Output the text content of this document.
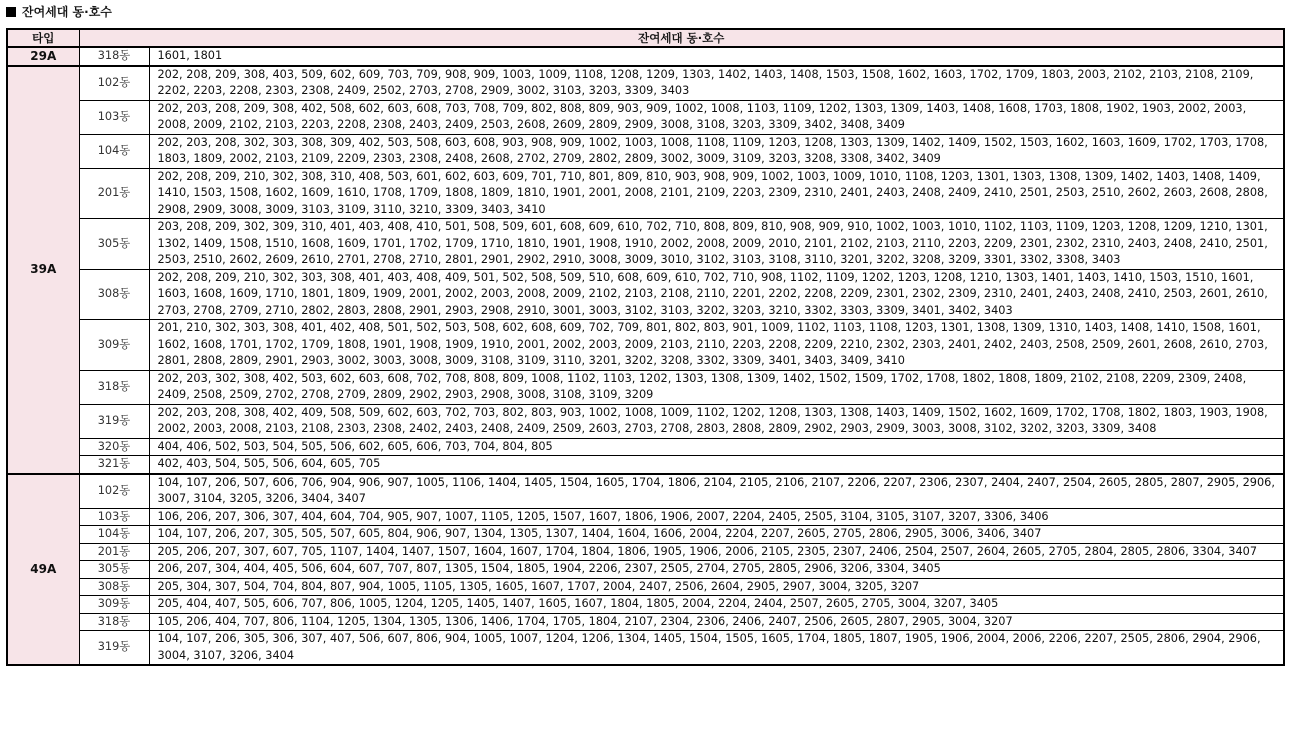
잔여세대 동·호수
타입	잔여세대 동·호수	
29A	318동	1601, 1801
39A	102동	202, 208, 209, 308, 403, 509, 602, 609, 703, 709, 908, 909, 1003, 1009, 1108, 1208, 1209, 1303, 1402, 1403, 1408, 1503, 1508, 1602, 1603, 1702, 1709, 1803, 2003, 2102, 2103, 2108, 2109, 2202, 2203, 2208, 2303, 2308, 2409, 2502, 2703, 2708, 2909, 3002, 3103, 3203, 3309, 3403
	103동	202, 203, 208, 209, 308, 402, 508, 602, 603, 608, 703, 708, 709, 802, 808, 809, 903, 909, 1002, 1008, 1103, 1109, 1202, 1303, 1309, 1403, 1408, 1608, 1703, 1808, 1902, 1903, 2002, 2003, 2008, 2009, 2102, 2103, 2203, 2208, 2308, 2403, 2409, 2503, 2608, 2609, 2809, 2909, 3008, 3108, 3203, 3309, 3402, 3408, 3409
	104동	202, 203, 208, 302, 303, 308, 309, 402, 503, 508, 603, 608, 903, 908, 909, 1002, 1003, 1008, 1108, 1109, 1203, 1208, 1303, 1309, 1402, 1409, 1502, 1503, 1602, 1603, 1609, 1702, 1703, 1708, 1803, 1809, 2002, 2103, 2109, 2209, 2303, 2308, 2408, 2608, 2702, 2709, 2802, 2809, 3002, 3009, 3109, 3203, 3208, 3308, 3402, 3409
	201동	202, 208, 209, 210, 302, 308, 310, 408, 503, 601, 602, 603, 609, 701, 710, 801, 809, 810, 903, 908, 909, 1002, 1003, 1009, 1010, 1108, 1203, 1301, 1303, 1308, 1309, 1402, 1403, 1408, 1409, 1410, 1503, 1508, 1602, 1609, 1610, 1708, 1709, 1808, 1809, 1810, 1901, 2001, 2008, 2101, 2109, 2203, 2309, 2310, 2401, 2403, 2408, 2409, 2410, 2501, 2503, 2510, 2602, 2603, 2608, 2808, 2908, 2909, 3008, 3009, 3103, 3109, 3110, 3210, 3309, 3403, 3410
	305동	203, 208, 209, 302, 309, 310, 401, 403, 408, 410, 501, 508, 509, 601, 608, 609, 610, 702, 710, 808, 809, 810, 908, 909, 910, 1002, 1003, 1010, 1102, 1103, 1109, 1203, 1208, 1209, 1210, 1301, 1302, 1409, 1508, 1510, 1608, 1609, 1701, 1702, 1709, 1710, 1810, 1901, 1908, 1910, 2002, 2008, 2009, 2010, 2101, 2102, 2103, 2110, 2203, 2209, 2301, 2302, 2310, 2403, 2408, 2410, 2501, 2503, 2510, 2602, 2609, 2610, 2701, 2708, 2710, 2801, 2901, 2902, 2910, 3008, 3009, 3010, 3102, 3103, 3108, 3110, 3201, 3202, 3208, 3209, 3301, 3302, 3308, 3403
	308동	202, 208, 209, 210, 302, 303, 308, 401, 403, 408, 409, 501, 502, 508, 509, 510, 608, 609, 610, 702, 710, 908, 1102, 1109, 1202, 1203, 1208, 1210, 1303, 1401, 1403, 1410, 1503, 1510, 1601, 1603, 1608, 1609, 1710, 1801, 1809, 1909, 2001, 2002, 2003, 2008, 2009, 2102, 2103, 2108, 2110, 2201, 2202, 2208, 2209, 2301, 2302, 2309, 2310, 2401, 2403, 2408, 2410, 2503, 2601, 2610, 2703, 2708, 2709, 2710, 2802, 2803, 2808, 2901, 2903, 2908, 2910, 3001, 3003, 3102, 3103, 3202, 3203, 3210, 3302, 3303, 3309, 3401, 3402, 3403
	309동	201, 210, 302, 303, 308, 401, 402, 408, 501, 502, 503, 508, 602, 608, 609, 702, 709, 801, 802, 803, 901, 1009, 1102, 1103, 1108, 1203, 1301, 1308, 1309, 1310, 1403, 1408, 1410, 1508, 1601, 1602, 1608, 1701, 1702, 1709, 1808, 1901, 1908, 1909, 1910, 2001, 2002, 2003, 2009, 2103, 2110, 2203, 2208, 2209, 2210, 2302, 2303, 2401, 2402, 2403, 2508, 2509, 2601, 2608, 2610, 2703, 2801, 2808, 2809, 2901, 2903, 3002, 3003, 3008, 3009, 3108, 3109, 3110, 3201, 3202, 3208, 3302, 3309, 3401, 3403, 3409, 3410
	318동	202, 203, 302, 308, 402, 503, 602, 603, 608, 702, 708, 808, 809, 1008, 1102, 1103, 1202, 1303, 1308, 1309, 1402, 1502, 1509, 1702, 1708, 1802, 1808, 1809, 2102, 2108, 2209, 2309, 2408, 2409, 2508, 2509, 2702, 2708, 2709, 2809, 2902, 2903, 2908, 3008, 3108, 3109, 3209
	319동	202, 203, 208, 308, 402, 409, 508, 509, 602, 603, 702, 703, 802, 803, 903, 1002, 1008, 1009, 1102, 1202, 1208, 1303, 1308, 1403, 1409, 1502, 1602, 1609, 1702, 1708, 1802, 1803, 1903, 1908, 2002, 2003, 2008, 2103, 2108, 2303, 2308, 2402, 2403, 2408, 2409, 2509, 2603, 2703, 2708, 2803, 2808, 2809, 2902, 2903, 2909, 3003, 3008, 3102, 3202, 3203, 3309, 3408
	320동	404, 406, 502, 503, 504, 505, 506, 602, 605, 606, 703, 704, 804, 805
	321동	402, 403, 504, 505, 506, 604, 605, 705
49A	102동	104, 107, 206, 507, 606, 706, 904, 906, 907, 1005, 1106, 1404, 1405, 1504, 1605, 1704, 1806, 2104, 2105, 2106, 2107, 2206, 2207, 2306, 2307, 2404, 2407, 2504, 2605, 2805, 2807, 2905, 2906, 3007, 3104, 3205, 3206, 3404, 3407
	103동	106, 206, 207, 306, 307, 404, 604, 704, 905, 907, 1007, 1105, 1205, 1507, 1607, 1806, 1906, 2007, 2204, 2405, 2505, 3104, 3105, 3107, 3207, 3306, 3406
	104동	104, 107, 206, 207, 305, 505, 507, 605, 804, 906, 907, 1304, 1305, 1307, 1404, 1604, 1606, 2004, 2204, 2207, 2605, 2705, 2806, 2905, 3006, 3406, 3407
	201동	205, 206, 207, 307, 607, 705, 1107, 1404, 1407, 1507, 1604, 1607, 1704, 1804, 1806, 1905, 1906, 2006, 2105, 2305, 2307, 2406, 2504, 2507, 2604, 2605, 2705, 2804, 2805, 2806, 3304, 3407
	305동	206, 207, 304, 404, 405, 506, 604, 607, 707, 807, 1305, 1504, 1805, 1904, 2206, 2307, 2505, 2704, 2705, 2805, 2906, 3206, 3304, 3405
	308동	205, 304, 307, 504, 704, 804, 807, 904, 1005, 1105, 1305, 1605, 1607, 1707, 2004, 2407, 2506, 2604, 2905, 2907, 3004, 3205, 3207
	309동	205, 404, 407, 505, 606, 707, 806, 1005, 1204, 1205, 1405, 1407, 1605, 1607, 1804, 1805, 2004, 2204, 2404, 2507, 2605, 2705, 3004, 3207, 3405
	318동	105, 206, 404, 707, 806, 1104, 1205, 1304, 1305, 1306, 1406, 1704, 1705, 1804, 2107, 2304, 2306, 2406, 2407, 2506, 2605, 2807, 2905, 3004, 3207
	319동	104, 107, 206, 305, 306, 307, 407, 506, 607, 806, 904, 1005, 1007, 1204, 1206, 1304, 1405, 1504, 1505, 1605, 1704, 1805, 1807, 1905, 1906, 2004, 2006, 2206, 2207, 2505, 2806, 2904, 2906, 3004, 3107, 3206, 3404
